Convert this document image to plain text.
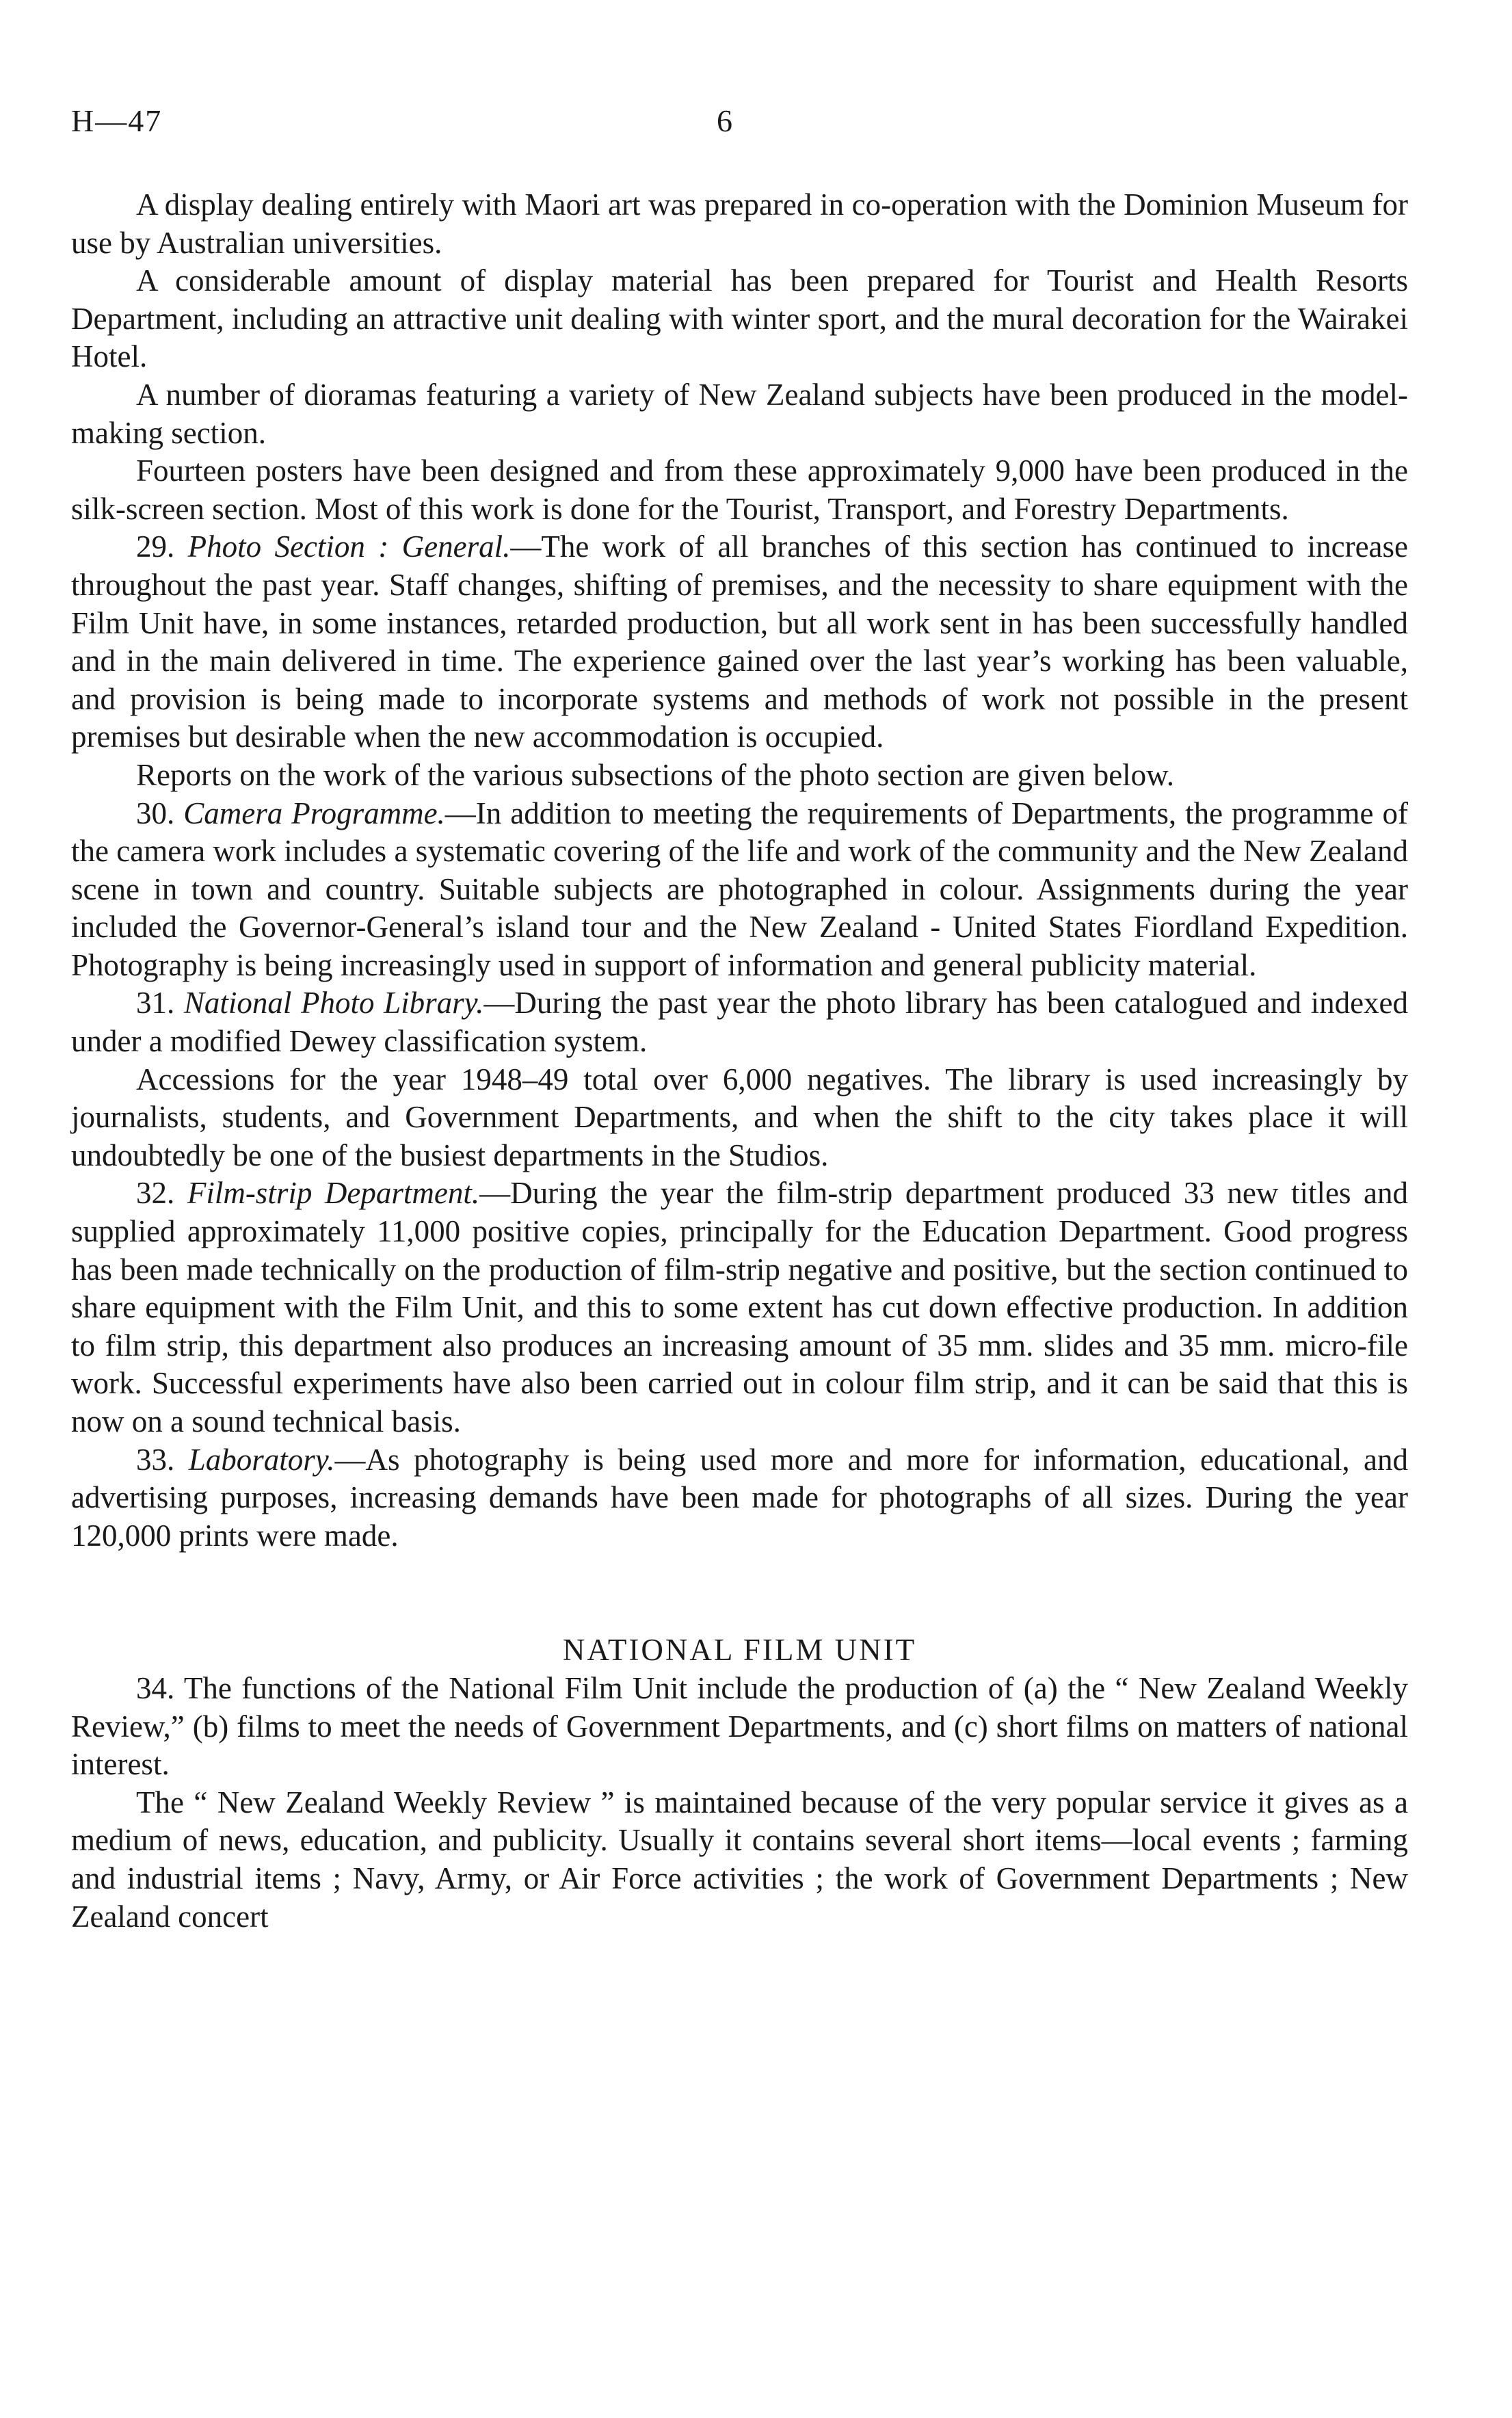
H—47	6

A display dealing entirely with Maori art was prepared in co-operation with the Dominion Museum for use by Australian universities.

A considerable amount of display material has been prepared for Tourist and Health Resorts Department, including an attractive unit dealing with winter sport, and the mural decoration for the Wairakei Hotel.

A number of dioramas featuring a variety of New Zealand subjects have been produced in the model-making section.

Fourteen posters have been designed and from these approximately 9,000 have been produced in the silk-screen section. Most of this work is done for the Tourist, Transport, and Forestry Departments.

29. Photo Section : General.—The work of all branches of this section has continued to increase throughout the past year. Staff changes, shifting of premises, and the necessity to share equipment with the Film Unit have, in some instances, retarded production, but all work sent in has been successfully handled and in the main delivered in time. The experience gained over the last year’s working has been valuable, and provision is being made to incorporate systems and methods of work not possible in the present premises but desirable when the new accommodation is occupied.

Reports on the work of the various subsections of the photo section are given below.

30. Camera Programme.—In addition to meeting the requirements of Departments, the programme of the camera work includes a systematic covering of the life and work of the community and the New Zealand scene in town and country. Suitable subjects are photographed in colour. Assignments during the year included the Governor-General’s island tour and the New Zealand - United States Fiordland Expedition. Photography is being increasingly used in support of information and general publicity material.

31. National Photo Library.—During the past year the photo library has been catalogued and indexed under a modified Dewey classification system.

Accessions for the year 1948–49 total over 6,000 negatives. The library is used increasingly by journalists, students, and Government Departments, and when the shift to the city takes place it will undoubtedly be one of the busiest departments in the Studios.

32. Film-strip Department.—During the year the film-strip department produced 33 new titles and supplied approximately 11,000 positive copies, principally for the Education Department. Good progress has been made technically on the production of film-strip negative and positive, but the section continued to share equipment with the Film Unit, and this to some extent has cut down effective production. In addition to film strip, this department also produces an increasing amount of 35 mm. slides and 35 mm. micro-file work. Successful experiments have also been carried out in colour film strip, and it can be said that this is now on a sound technical basis.

33. Laboratory.—As photography is being used more and more for information, educational, and advertising purposes, increasing demands have been made for photographs of all sizes. During the year 120,000 prints were made.

NATIONAL FILM UNIT

34. The functions of the National Film Unit include the production of (a) the “ New Zealand Weekly Review,” (b) films to meet the needs of Government Departments, and (c) short films on matters of national interest.

The “ New Zealand Weekly Review ” is maintained because of the very popular service it gives as a medium of news, education, and publicity. Usually it contains several short items—local events ; farming and industrial items ; Navy, Army, or Air Force activities ; the work of Government Departments ; New Zealand concert
